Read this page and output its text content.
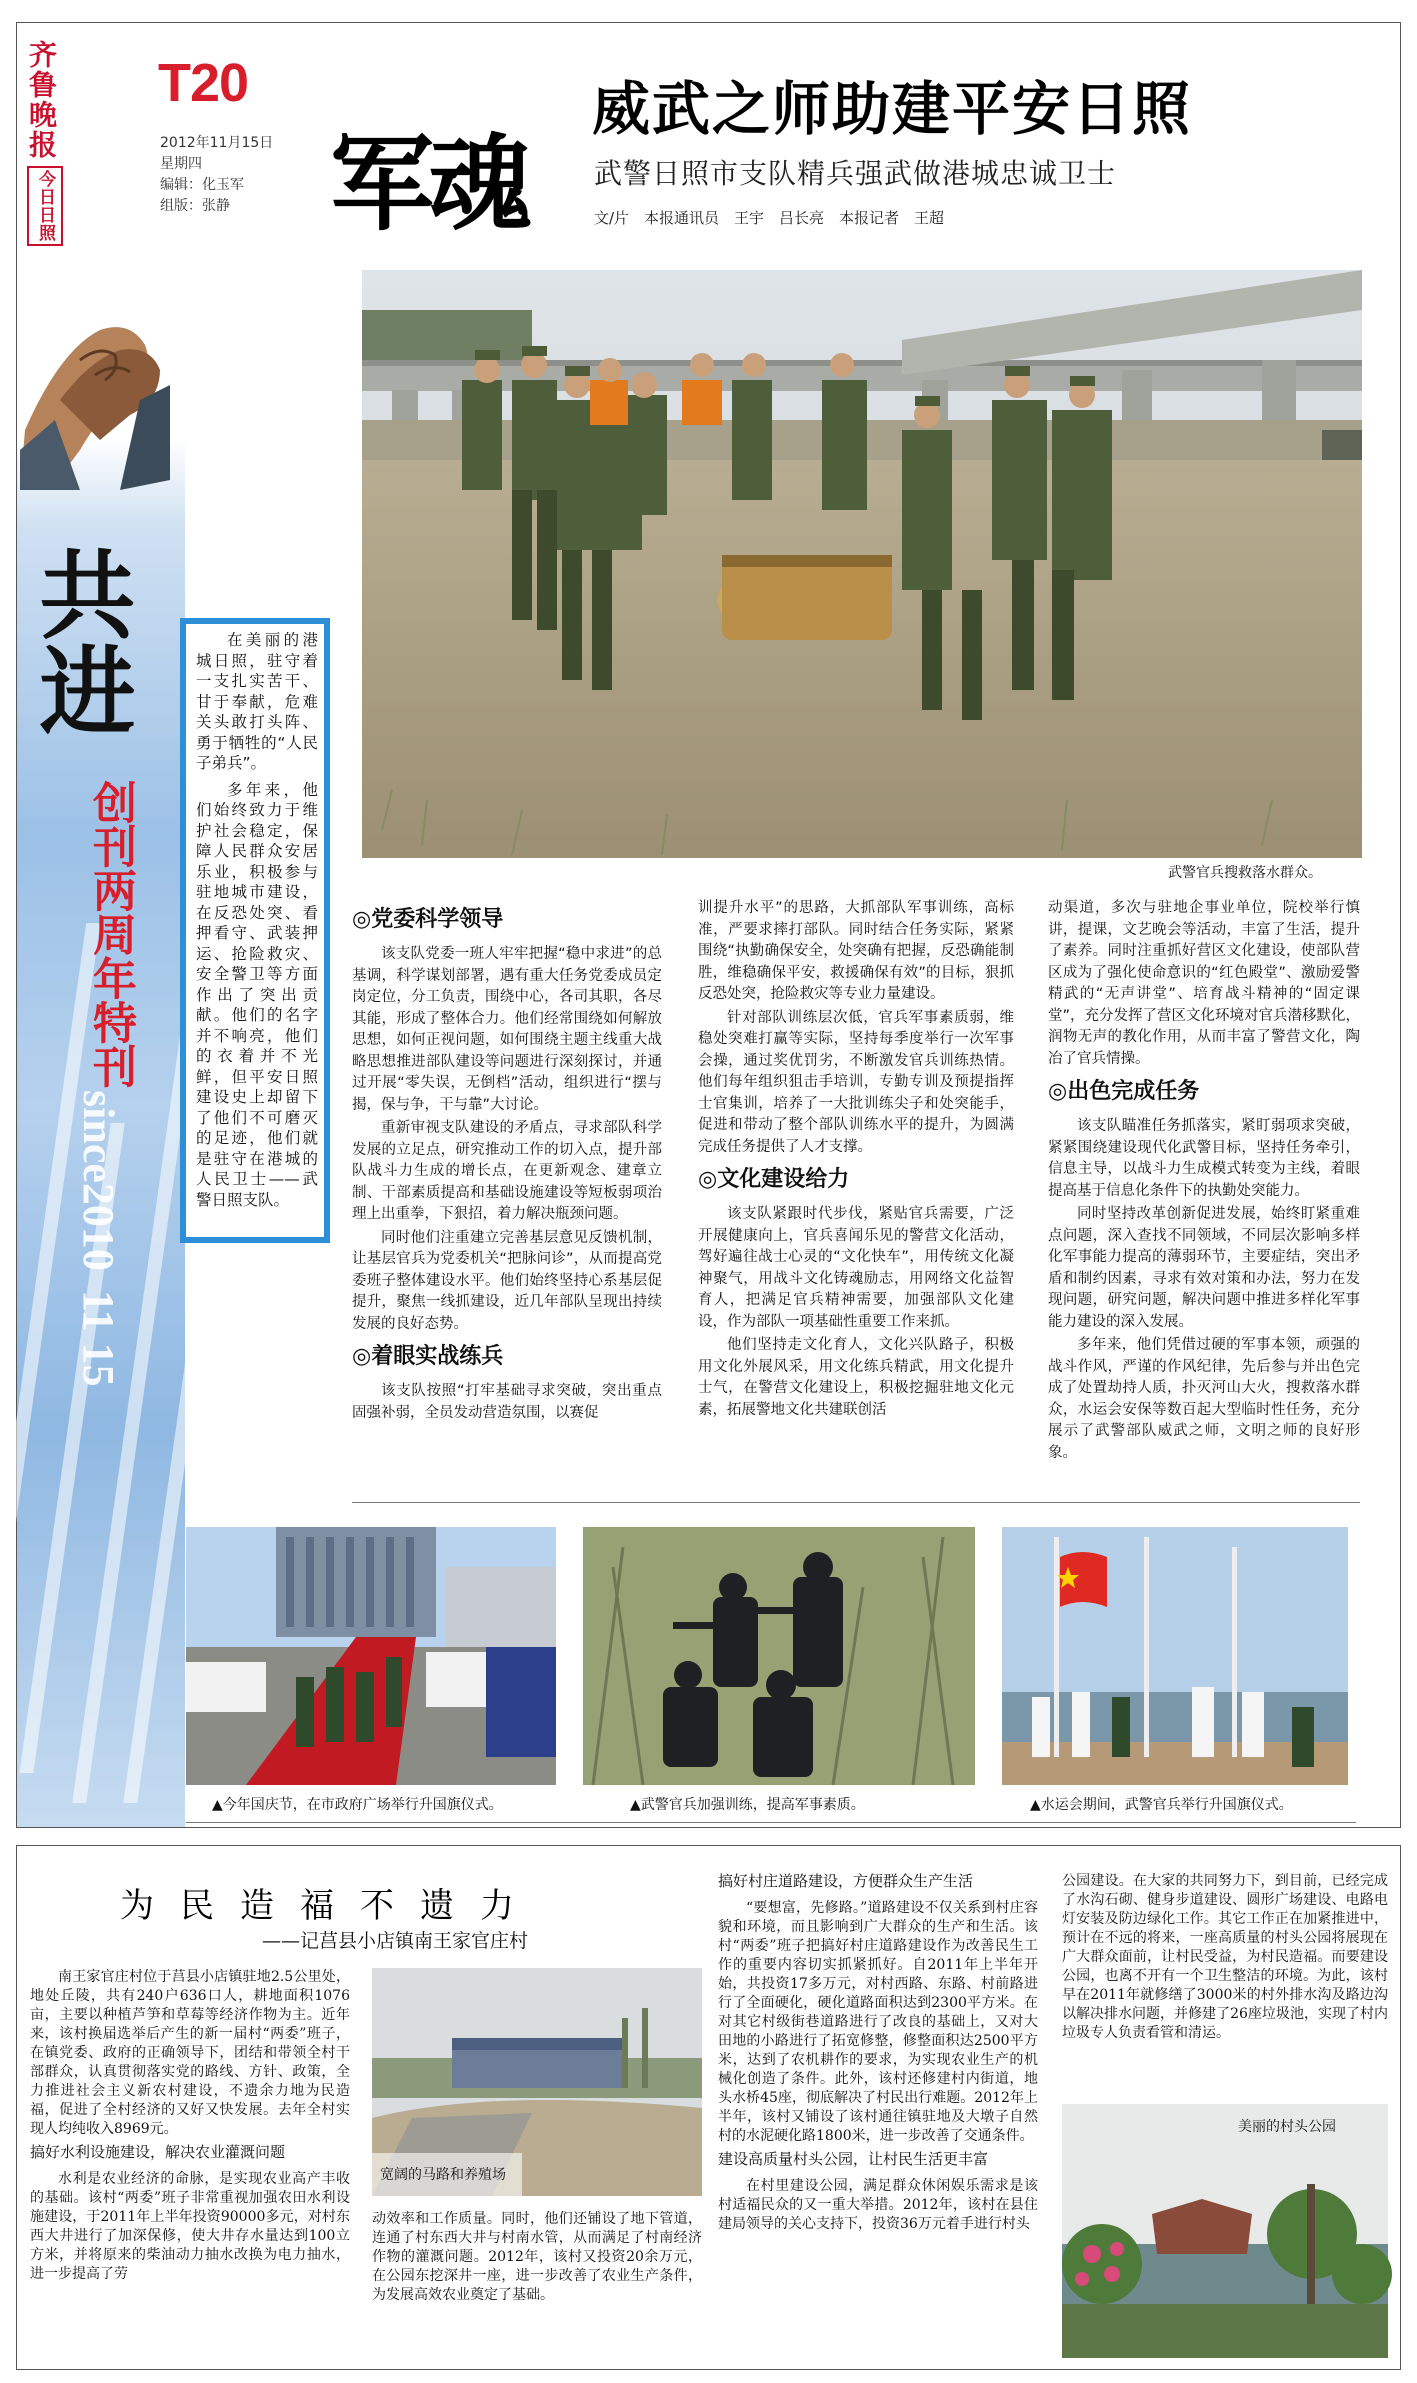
齐鲁晚报
今日日照
共进
创刊两周年特刊
since2010
11 15
T20
2012年11月15日
星期四
编辑：化玉军
组版：张静 军魂
威武之师助建平安日照
武警日照市支队精兵强武做港城忠诚卫士
文/片　本报通讯员　王宇　吕长亮　本报记者　王超
武警官兵搜救落水群众。

在美丽的港城日照，驻守着一支扎实苦干、甘于奉献，危难关头敢打头阵、勇于牺牲的“人民子弟兵”。

多年来，他们始终致力于维护社会稳定，保障人民群众安居乐业，积极参与驻地城市建设，在反恐处突、看押看守、武装押运、抢险救灾、安全警卫等方面作出了突出贡献。他们的名字并不响亮，他们的衣着并不光鲜，但平安日照建设史上却留下了他们不可磨灭的足迹，他们就是驻守在港城的人民卫士——武警日照支队。

◎党委科学领导

该支队党委一班人牢牢把握“稳中求进”的总基调，科学谋划部署，遇有重大任务党委成员定岗定位，分工负责，围绕中心，各司其职，各尽其能，形成了整体合力。他们经常围绕如何解放思想，如何正视问题，如何围绕主题主线重大战略思想推进部队建设等问题进行深刻探讨，并通过开展“零失误，无倒档”活动，组织进行“摆与揭，保与争，干与靠”大讨论。

重新审视支队建设的矛盾点，寻求部队科学发展的立足点，研究推动工作的切入点，提升部队战斗力生成的增长点，在更新观念、建章立制、干部素质提高和基础设施建设等短板弱项治理上出重拳，下狠招，着力解决瓶颈问题。

同时他们注重建立完善基层意见反馈机制，让基层官兵为党委机关“把脉问诊”，从而提高党委班子整体建设水平。他们始终坚持心系基层促提升，聚焦一线抓建设，近几年部队呈现出持续发展的良好态势。

◎着眼实战练兵

该支队按照“打牢基础寻求突破，突出重点固强补弱，全员发动营造氛围，以赛促

训提升水平”的思路，大抓部队军事训练，高标准，严要求摔打部队。同时结合任务实际，紧紧围绕“执勤确保安全，处突确有把握，反恐确能制胜，维稳确保平安，救援确保有效”的目标，狠抓反恐处突，抢险救灾等专业力量建设。

针对部队训练层次低，官兵军事素质弱，维稳处突难打赢等实际，坚持每季度举行一次军事会操，通过奖优罚劣，不断激发官兵训练热情。他们每年组织狙击手培训，专勤专训及预提指挥士官集训，培养了一大批训练尖子和处突能手，促进和带动了整个部队训练水平的提升，为圆满完成任务提供了人才支撑。

◎文化建设给力

该支队紧跟时代步伐，紧贴官兵需要，广泛开展健康向上，官兵喜闻乐见的警营文化活动，驾好遍往战士心灵的“文化快车”，用传统文化凝神聚气，用战斗文化铸魂励志，用网络文化益智育人，把满足官兵精神需要，加强部队文化建设，作为部队一项基础性重要工作来抓。

他们坚持走文化育人，文化兴队路子，积极用文化外展风采，用文化练兵精武，用文化提升士气，在警营文化建设上，积极挖掘驻地文化元素，拓展警地文化共建联创活

动渠道，多次与驻地企事业单位，院校举行慎讲，提课，文艺晚会等活动，丰富了生活，提升了素养。同时注重抓好营区文化建设，使部队营区成为了强化使命意识的“红色殿堂”、激励爱警精武的“无声讲堂”、培育战斗精神的“固定课堂”，充分发挥了营区文化环境对官兵潜移默化，润物无声的教化作用，从而丰富了警营文化，陶冶了官兵情操。

◎出色完成任务

该支队瞄准任务抓落实，紧盯弱项求突破，紧紧围绕建设现代化武警目标，坚持任务牵引，信息主导，以战斗力生成模式转变为主线，着眼提高基于信息化条件下的执勤处突能力。

同时坚持改革创新促进发展，始终盯紧重难点问题，深入查找不同领域，不同层次影响多样化军事能力提高的薄弱环节，主要症结，突出矛盾和制约因素，寻求有效对策和办法，努力在发现问题，研究问题，解决问题中推进多样化军事能力建设的深入发展。

多年来，他们凭借过硬的军事本领，顽强的战斗作风，严谨的作风纪律，先后参与并出色完成了处置劫持人质，扑灭河山大火，搜救落水群众，水运会安保等数百起大型临时性任务，充分展示了武警部队威武之师，文明之师的良好形象。

▲今年国庆节，在市政府广场举行升国旗仪式。	▲武警官兵加强训练，提高军事素质。	▲水运会期间，武警官兵举行升国旗仪式。
为民造福不遗力
——记莒县小店镇南王家官庄村

南王家官庄村位于莒县小店镇驻地2.5公里处，地处丘陵，共有240户636口人，耕地面积1076亩，主要以种植芦笋和草莓等经济作物为主。近年来，该村换届选举后产生的新一届村“两委”班子，在镇党委、政府的正确领导下，团结和带领全村干部群众，认真贯彻落实党的路线、方针、政策，全力推进社会主义新农村建设，不遗余力地为民造福，促进了全村经济的又好又快发展。去年全村实现人均纯收入8969元。

搞好水利设施建设，解决农业灌溉问题

水利是农业经济的命脉，是实现农业高产丰收的基础。该村“两委”班子非常重视加强农田水利设施建设，于2011年上半年投资90000多元，对村东西大井进行了加深保修，使大井存水量达到100立方米，并将原来的柴油动力抽水改换为电力抽水，进一步提高了劳

宽阔的马路和养殖场

动效率和工作质量。同时，他们还铺设了地下管道，连通了村东西大井与村南水管，从而满足了村南经济作物的灌溉问题。2012年，该村又投资20余万元，在公园东挖深井一座，进一步改善了农业生产条件，为发展高效农业奠定了基础。

搞好村庄道路建设，方便群众生产生活

“要想富，先修路。”道路建设不仅关系到村庄容貌和环境，而且影响到广大群众的生产和生活。该村“两委”班子把搞好村庄道路建设作为改善民生工作的重要内容切实抓紧抓好。自2011年上半年开始，共投资17多万元，对村西路、东路、村前路进行了全面硬化，硬化道路面积达到2300平方米。在对其它村级街巷道路进行了改良的基础上，又对大田地的小路进行了拓宽修整，修整面积达2500平方米，达到了农机耕作的要求，为实现农业生产的机械化创造了条件。此外，该村还修建村内街道，地头水桥45座，彻底解决了村民出行难题。2012年上半年，该村又铺设了该村通往镇驻地及大墩子自然村的水泥硬化路1800米，进一步改善了交通条件。

建设高质量村头公园，让村民生活更丰富

在村里建设公园，满足群众休闲娱乐需求是该村适福民众的又一重大举措。2012年，该村在县住建局领导的关心支持下，投资36万元着手进行村头

公园建设。在大家的共同努力下，到目前，已经完成了水沟石砌、健身步道建设、圆形广场建设、电路电灯安装及防边绿化工作。其它工作正在加紧推进中，预计在不远的将来，一座高质量的村头公园将展现在广大群众面前，让村民受益，为村民造福。而要建设公园，也离不开有一个卫生整洁的环境。为此，该村早在2011年就修缮了3000米的村外排水沟及路边沟以解决排水问题，并修建了26座垃圾池，实现了村内垃圾专人负责看管和清运。

美丽的村头公园
